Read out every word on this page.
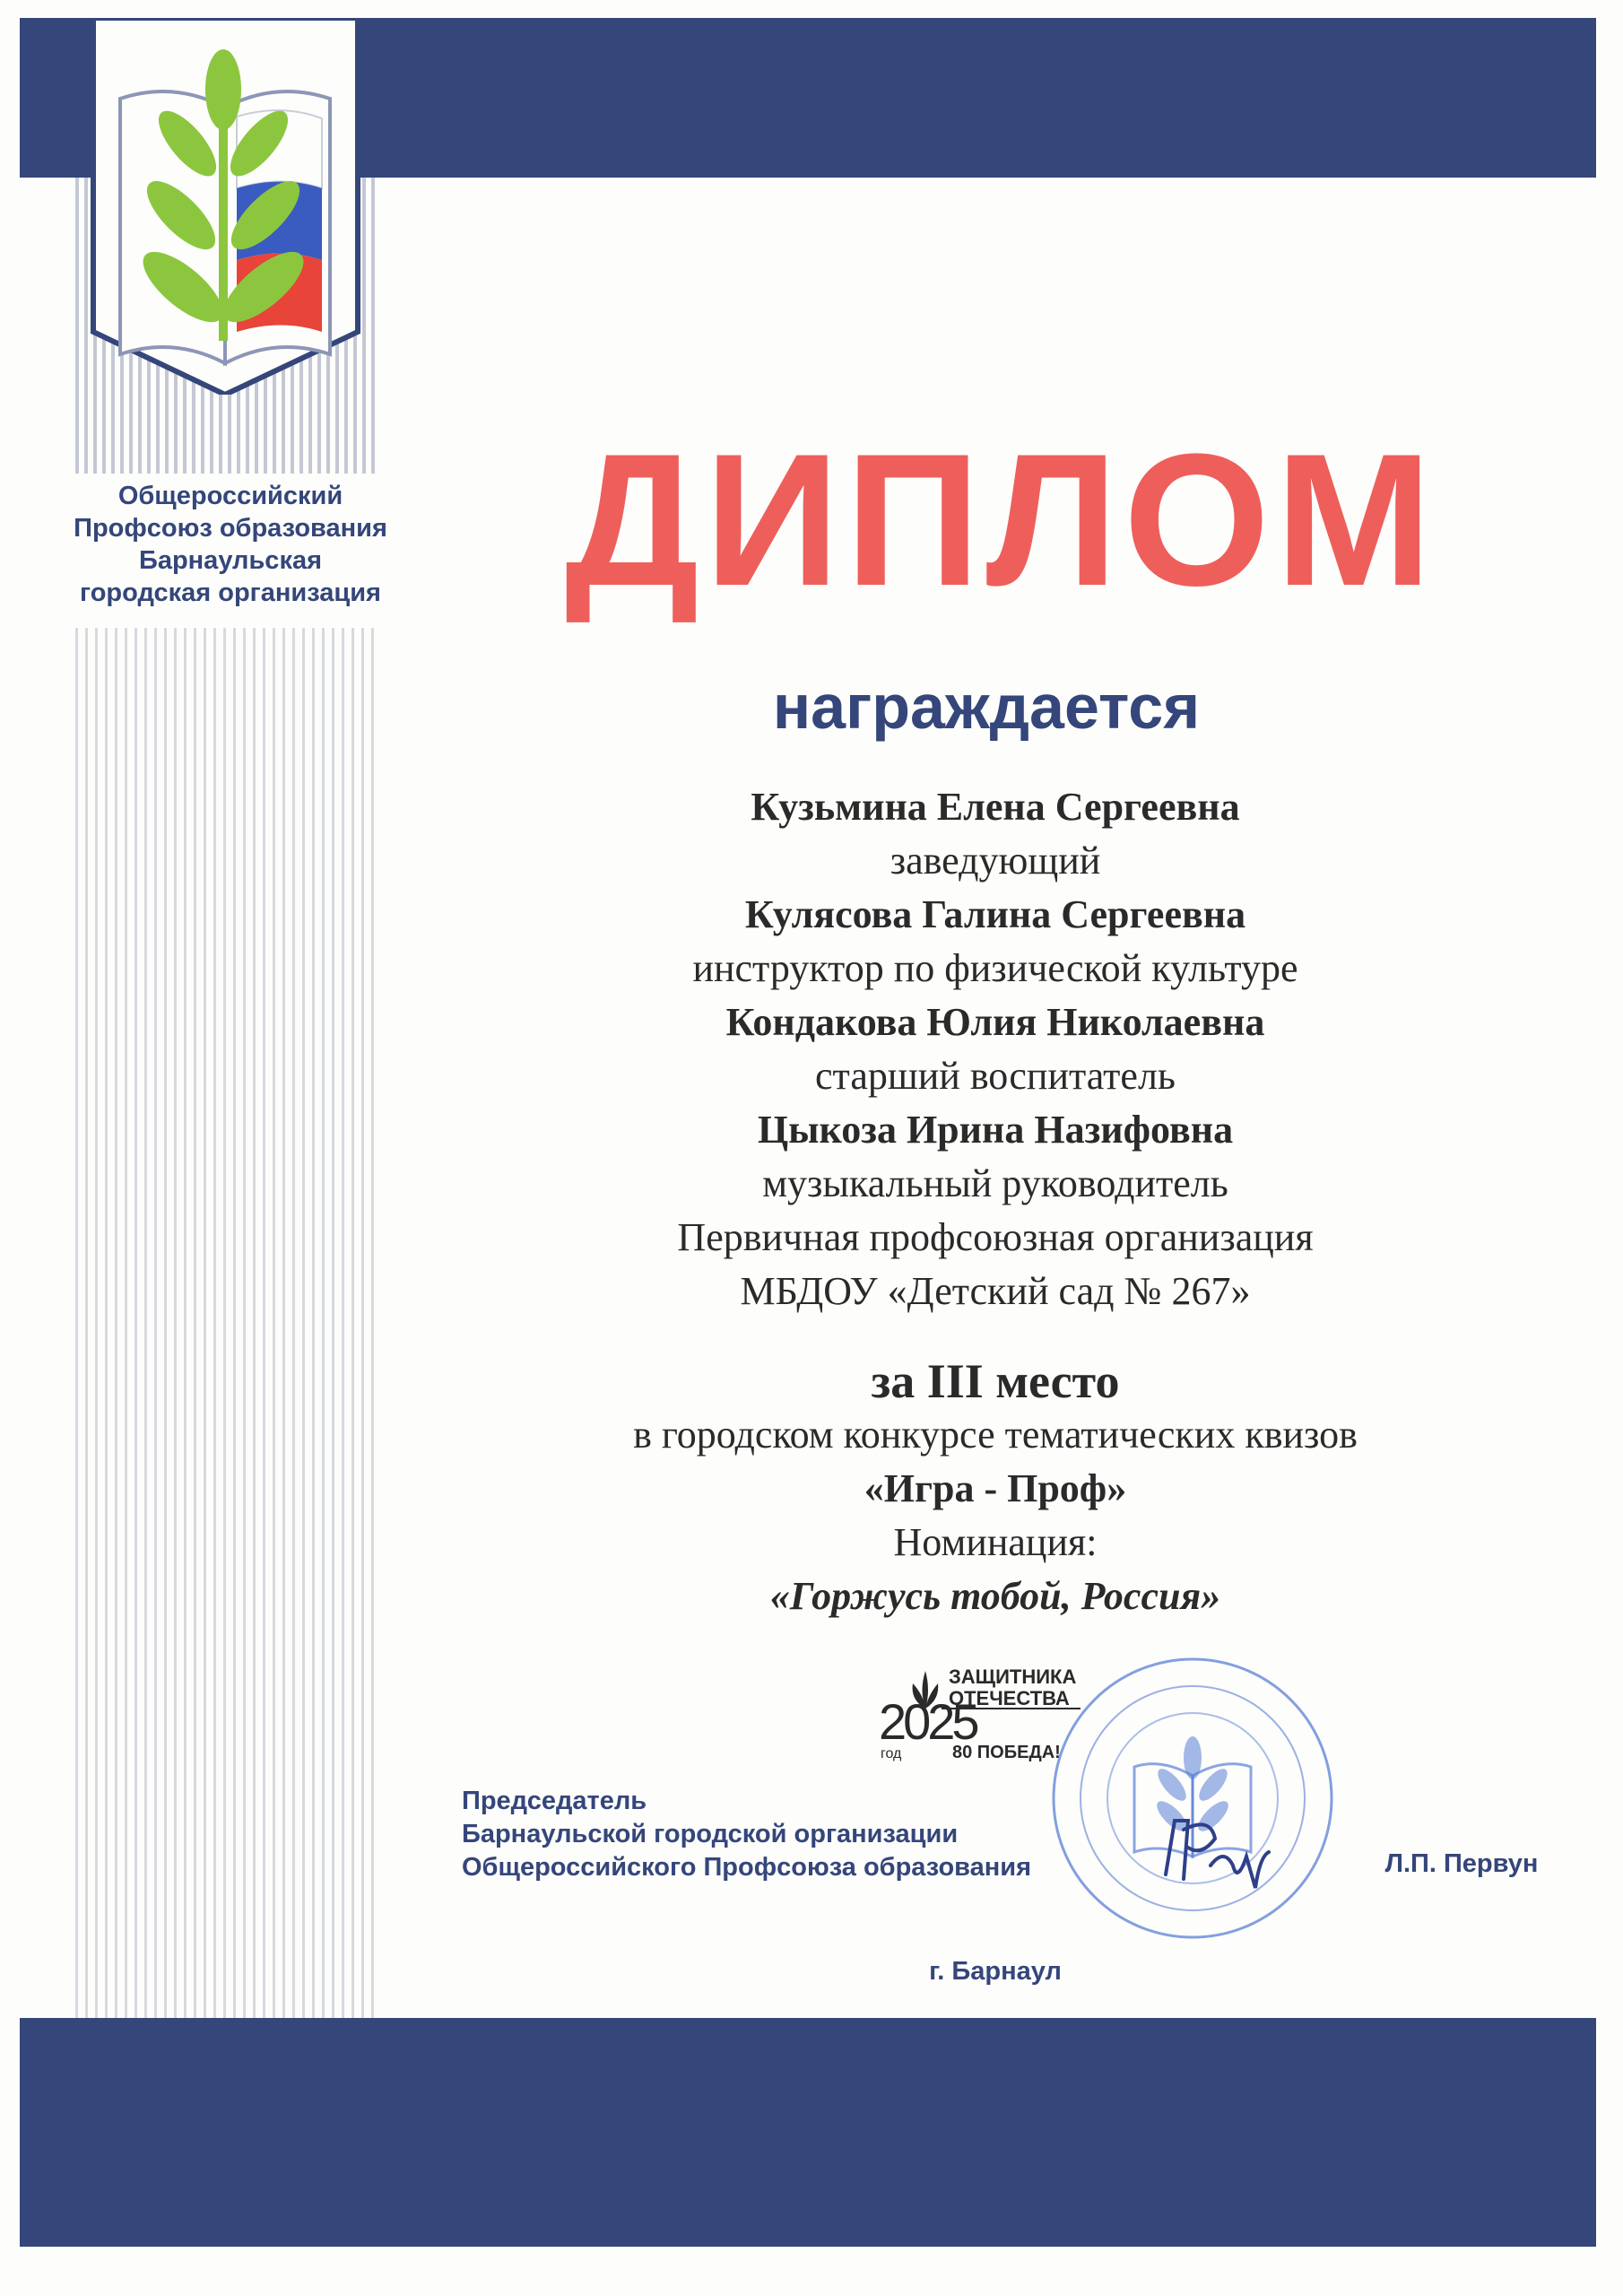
Общероссийский
Профсоюз образования
Барнаульская
городская организация ДИПЛОМ
награждается

Кузьмина Елена Сергеевна

заведующий

Кулясова Галина Сергеевна

инструктор по физической культуре

Кондакова Юлия Николаевна

старший воспитатель

Цыкоза Ирина Назифовна

музыкальный руководитель

Первичная профсоюзная организация

МБДОУ «Детский сад № 267»

за III место

в городском конкурсе тематических квизов

«Игра - Проф»

Номинация:

«Горжусь тобой, Россия»

2025
год
ЗАЩИТНИКА
ОТЕЧЕСТВА
80 ПОБЕДА!
Председатель
Барнаульской городской организации
Общероссийского Профсоюза образования	Л.П. Первун
г. Барнаул
